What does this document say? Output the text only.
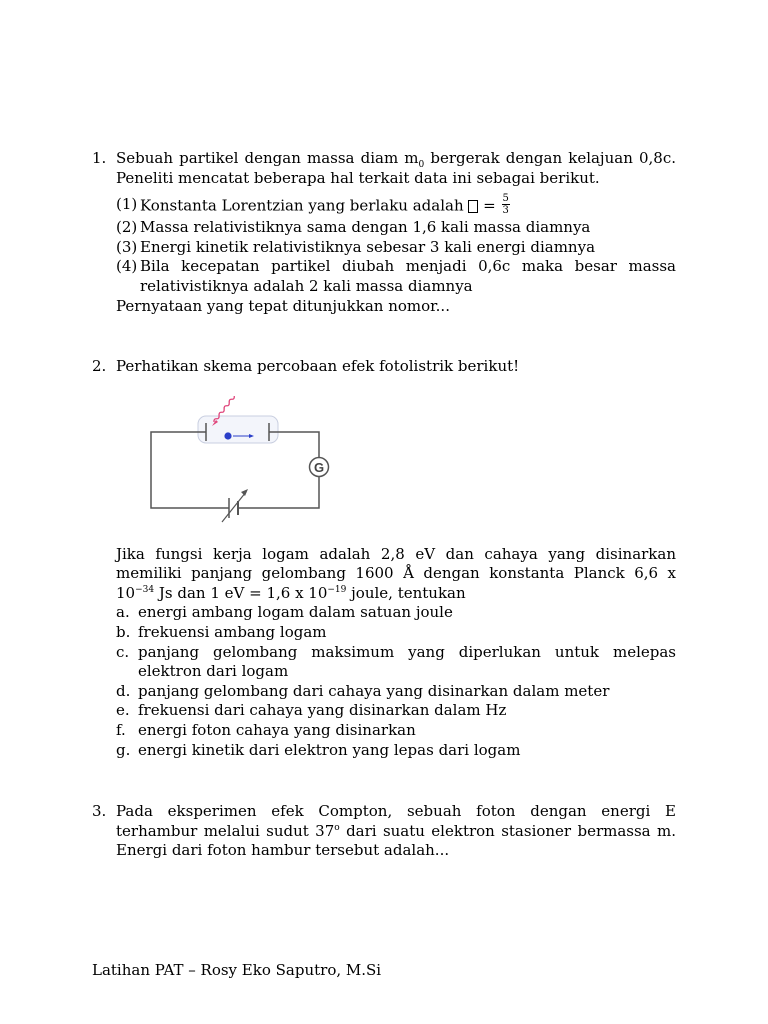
1. Sebuah partikel dengan massa diam $m_0$ bergerak dengan kelajuan 0,8c. Peneliti mencatat beberapa hal terkait data ini sebagai berikut.
(1) Konstanta Lorentzian yang berlaku adalah  = $\frac{5}{3}$
(2) Massa relativistiknya sama dengan 1,6 kali massa diamnya
(3) Energi kinetik relativistiknya sebesar 3 kali energi diamnya
(4) Bila kecepatan partikel diubah menjadi 0,6c maka besar massa relativistiknya adalah 2 kali massa diamnya
Pernyataan yang tepat ditunjukkan nomor...
2. Perhatikan skema percobaan efek fotolistrik berikut!
Jika fungsi kerja logam adalah 2,8 eV dan cahaya yang disinarkan memiliki panjang gelombang 1600 Å dengan konstanta Planck 6,6 x $10^{-34}$ Js dan 1 eV = 1,6 x $10^{-19}$ joule, tentukan
a. energi ambang logam dalam satuan joule
b. frekuensi ambang logam
c. panjang gelombang maksimum yang diperlukan untuk melepas elektron dari logam
d. panjang gelombang dari cahaya yang disinarkan dalam meter
e. frekuensi dari cahaya yang disinarkan dalam Hz
f. energi foton cahaya yang disinarkan
g. energi kinetik dari elektron yang lepas dari logam
G
3. Pada eksperimen efek Compton, sebuah foton dengan energi E terhambur melalui sudut 37$^o$ dari suatu elektron stasioner bermassa m. Energi dari foton hambur tersebut adalah...
Latihan PAT – Rosy Eko Saputro, M.Si
